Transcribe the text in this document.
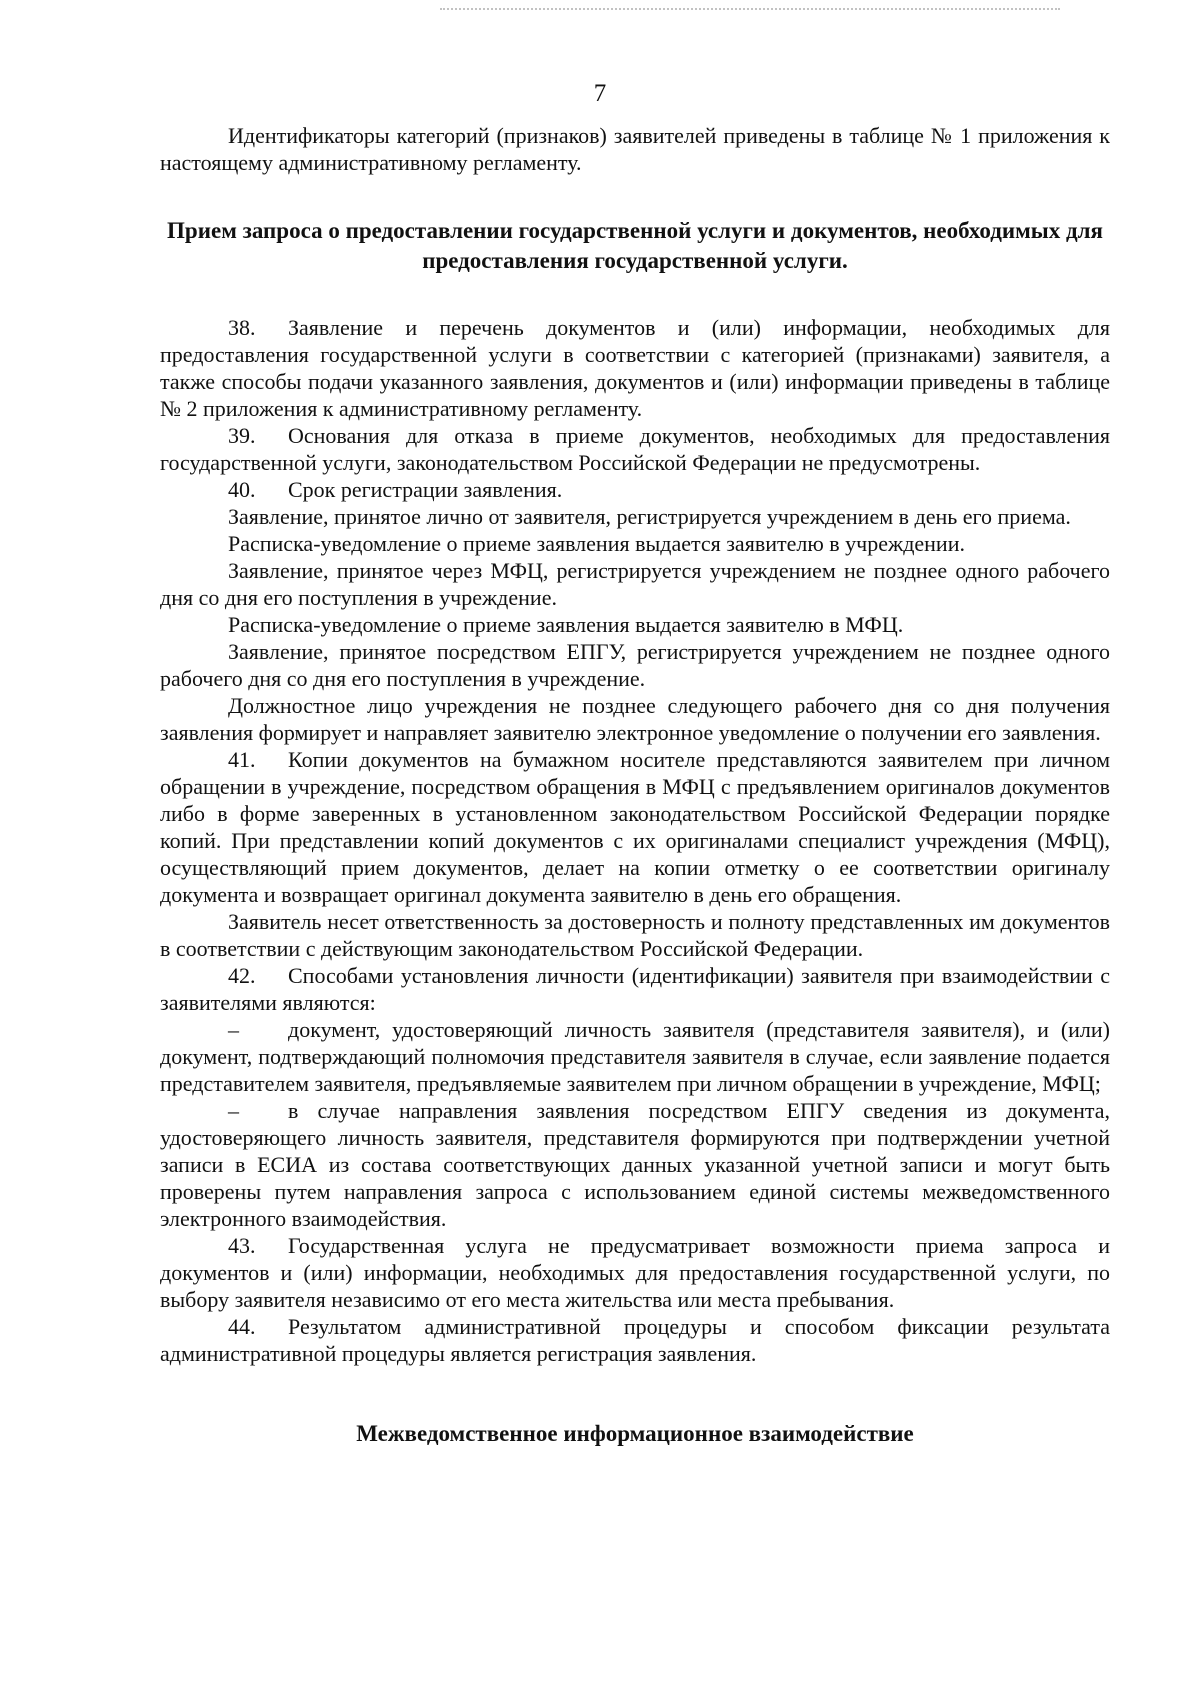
7

Идентификаторы категорий (признаков) заявителей приведены в таблице № 1 приложения к настоящему административному регламенту.

Прием запроса о предоставлении государственной услуги и документов, необходимых для предоставления государственной услуги.

38. Заявление и перечень документов и (или) информации, необходимых для предоставления государственной услуги в соответствии с категорией (признаками) заявителя, а также способы подачи указанного заявления, документов и (или) информации приведены в таблице № 2 приложения к административному регламенту.

39. Основания для отказа в приеме документов, необходимых для предоставления государственной услуги, законодательством Российской Федерации не предусмотрены.

40. Срок регистрации заявления.

Заявление, принятое лично от заявителя, регистрируется учреждением в день его приема.

Расписка-уведомление о приеме заявления выдается заявителю в учреждении.

Заявление, принятое через МФЦ, регистрируется учреждением не позднее одного рабочего дня со дня его поступления в учреждение.

Расписка-уведомление о приеме заявления выдается заявителю в МФЦ.

Заявление, принятое посредством ЕПГУ, регистрируется учреждением не позднее одного рабочего дня со дня его поступления в учреждение.

Должностное лицо учреждения не позднее следующего рабочего дня со дня получения заявления формирует и направляет заявителю электронное уведомление о получении его заявления.

41. Копии документов на бумажном носителе представляются заявителем при личном обращении в учреждение, посредством обращения в МФЦ с предъявлением оригиналов документов либо в форме заверенных в установленном законодательством Российской Федерации порядке копий. При представлении копий документов с их оригиналами специалист учреждения (МФЦ), осуществляющий прием документов, делает на копии отметку о ее соответствии оригиналу документа и возвращает оригинал документа заявителю в день его обращения.

Заявитель несет ответственность за достоверность и полноту представленных им документов в соответствии с действующим законодательством Российской Федерации.

42. Способами установления личности (идентификации) заявителя при взаимодействии с заявителями являются:

– документ, удостоверяющий личность заявителя (представителя заявителя), и (или) документ, подтверждающий полномочия представителя заявителя в случае, если заявление подается представителем заявителя, предъявляемые заявителем при личном обращении в учреждение, МФЦ;

– в случае направления заявления посредством ЕПГУ сведения из документа, удостоверяющего личность заявителя, представителя формируются при подтверждении учетной записи в ЕСИА из состава соответствующих данных указанной учетной записи и могут быть проверены путем направления запроса с использованием единой системы межведомственного электронного взаимодействия.

43. Государственная услуга не предусматривает возможности приема запроса и документов и (или) информации, необходимых для предоставления государственной услуги, по выбору заявителя независимо от его места жительства или места пребывания.

44. Результатом административной процедуры и способом фиксации результата административной процедуры является регистрация заявления.

Межведомственное информационное взаимодействие
